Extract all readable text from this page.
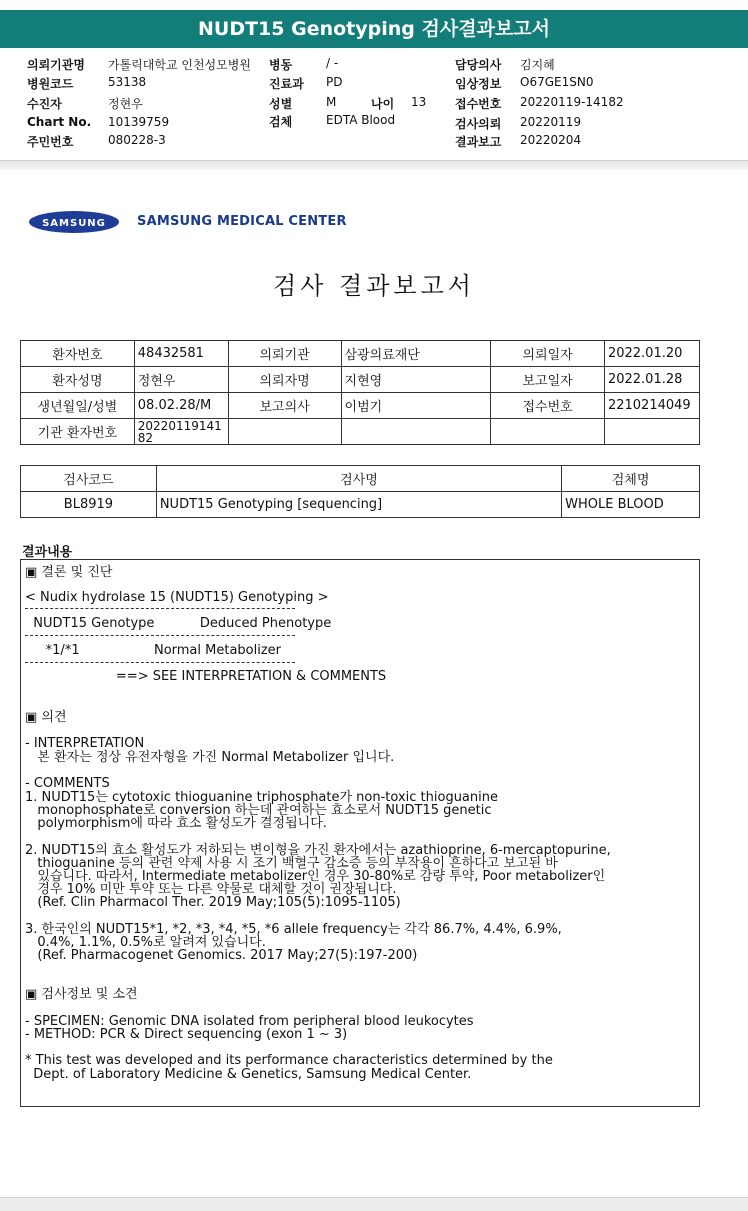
NUDT15 Genotyping 검사결과보고서
의뢰기관명 가톨릭대학교 인천성모병원 병동	/ -	담당의사 김지혜
병원코드	53138	진료과 PD	임상정보 O67GE1SN0
수진자	정현우	성별	M	나이 13 접수번호 20220119-14182
Chart No. 10139759	검체	EDTA Blood	검사의뢰 20220119
주민번호	080228-3	결과보고 20220204
SAMSUNG SAMSUNG MEDICAL CENTER
검사 결과보고서
환자번호	48432581	의뢰기관	삼광의료재단	의뢰일자	2022.01.20
환자성명	정현우	의뢰자명	지현영	보고일자	2022.01.28
생년월일/성별	08.02.28/M	보고의사	이범기	접수번호	2210214049
기관 환자번호	2022011914182				
검사코드	검사명	검체명
BL8919	NUDT15 Genotyping [sequencing]	WHOLE BLOOD
결과내용
▣ 결론 및 진단
< Nudix hydrolase 15 (NUDT15) Genotyping >
NUDT15 Genotype           Deduced Phenotype
*1/*1                  Normal Metabolizer
==> SEE INTERPRETATION & COMMENTS
▣ 의견
- INTERPRETATION
본 환자는 정상 유전자형을 가진 Normal Metabolizer 입니다.
- COMMENTS
1. NUDT15는 cytotoxic thioguanine triphosphate가 non-toxic thioguanine
monophosphate로 conversion 하는데 관여하는 효소로서 NUDT15 genetic
polymorphism에 따라 효소 활성도가 결정됩니다.
2. NUDT15의 효소 활성도가 저하되는 변이형을 가진 환자에서는 azathioprine, 6-mercaptopurine,
thioguanine 등의 관련 약제 사용 시 조기 백혈구 감소증 등의 부작용이 흔하다고 보고된 바
있습니다. 따라서, Intermediate metabolizer인 경우 30-80%로 감량 투약, Poor metabolizer인
경우 10% 미만 투약 또는 다른 약물로 대체할 것이 권장됩니다.
(Ref. Clin Pharmacol Ther. 2019 May;105(5):1095-1105)
3. 한국인의 NUDT15*1, *2, *3, *4, *5, *6 allele frequency는 각각 86.7%, 4.4%, 6.9%,
0.4%, 1.1%, 0.5%로 알려져 있습니다.
(Ref. Pharmacogenet Genomics. 2017 May;27(5):197-200)
▣ 검사정보 및 소견
- SPECIMEN: Genomic DNA isolated from peripheral blood leukocytes
- METHOD: PCR & Direct sequencing (exon 1 ~ 3)
* This test was developed and its performance characteristics determined by the
Dept. of Laboratory Medicine & Genetics, Samsung Medical Center.
